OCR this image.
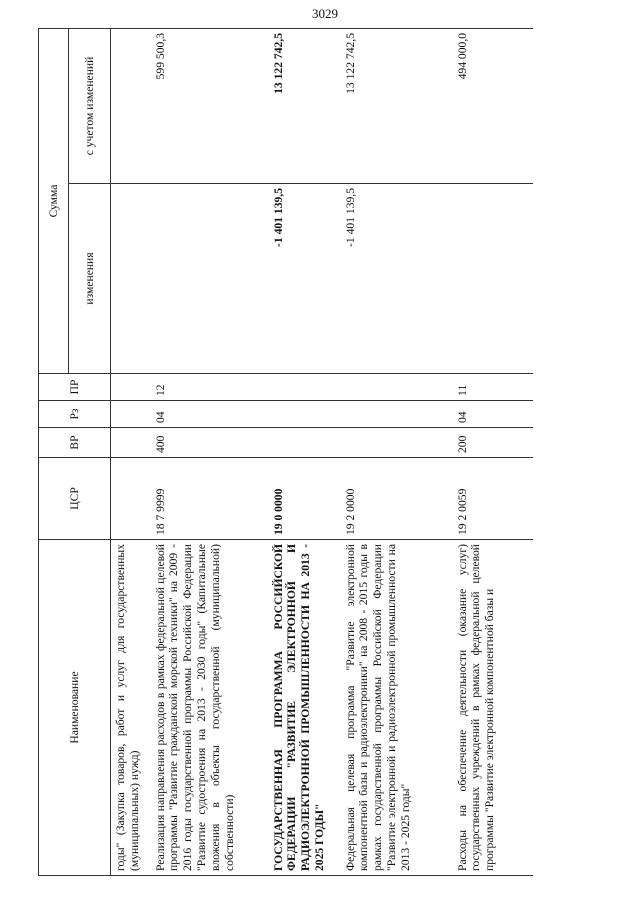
3029
Наименование	ЦСР	ВР	Рз	ПР	Сумма	
					изменения	с учетом изменений
годы" (Закупка товаров, работ и услуг для государственных (муниципальных) нужд)						
Реализация направления расходов в рамках федеральной целевой программы "Развитие гражданской морской техники" на 2009 - 2016 годы государственной программы Российской Федерации "Развитие судостроения на 2013 - 2030 годы" (Капитальные вложения в объекты государственной (муниципальной) собственности)	18 7 9999	400	04	12		599 500,3
ГОСУДАРСТВЕННАЯ ПРОГРАММА РОССИЙСКОЙ ФЕДЕРАЦИИ "РАЗВИТИЕ ЭЛЕКТРОННОЙ И РАДИОЭЛЕКТРОННОЙ ПРОМЫШЛЕННОСТИ НА 2013 - 2025 ГОДЫ"	19 0 0000				-1 401 139,5	13 122 742,5
Федеральная целевая программа "Развитие электронной компонентной базы и радиоэлектроники" на 2008 - 2015 годы в рамках государственной программы Российской Федерации "Развитие электронной и радиоэлектронной промышленности на 2013 - 2025 годы"	19 2 0000				-1 401 139,5	13 122 742,5
Расходы на обеспечение деятельности (оказание услуг) государственных учреждений в рамках федеральной целевой программы "Развитие электронной компонентной базы и	19 2 0059	200	04	11		494 000,0
